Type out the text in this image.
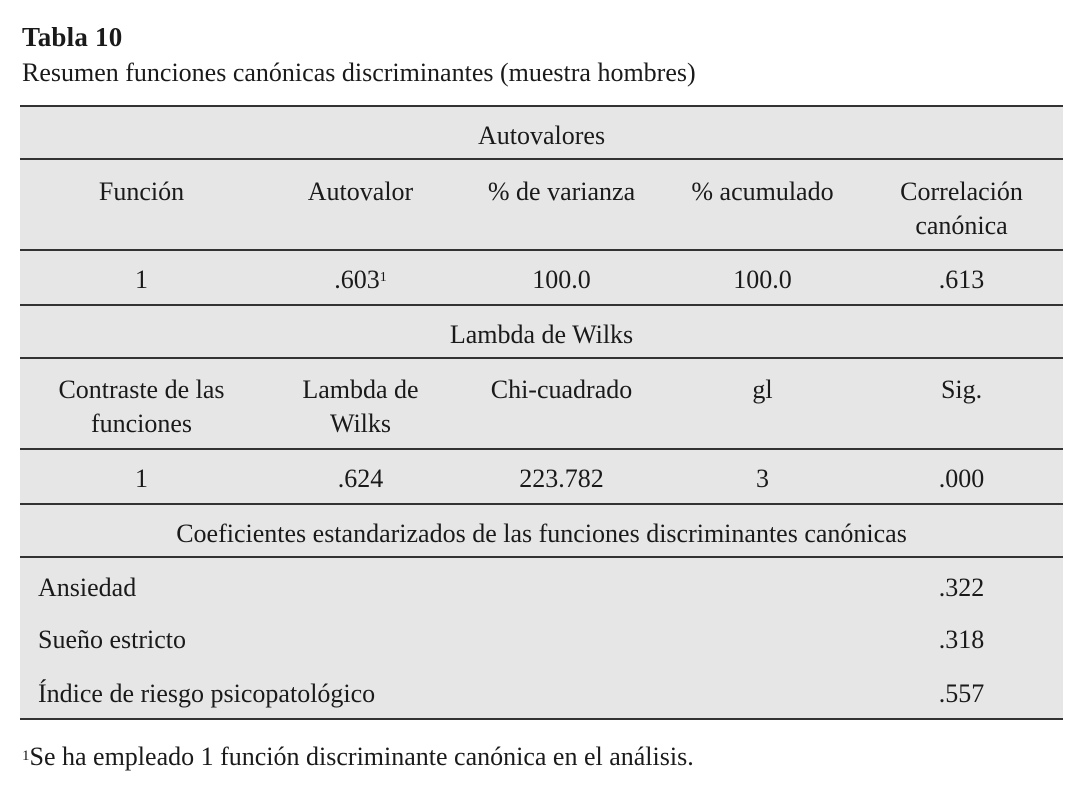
Tabla 10
Resumen funciones canónicas discriminantes (muestra hombres)
Autovalores				
Función	Autovalor	% de varianza	% acumulado	Correlación canónica
1	.603$^1$	100.0	100.0	.613
Lambda de Wilks				
Contraste de las funciones	Lambda de Wilks	Chi-cuadrado	gl	Sig.
1	.624	223.782	3	.000
Coeficientes estandarizados de las funciones discriminantes canónicas				
Ansiedad				.322
Sueño estricto				.318
Índice de riesgo psicopatológico				.557
$^1$Se ha empleado 1 función discriminante canónica en el análisis.
